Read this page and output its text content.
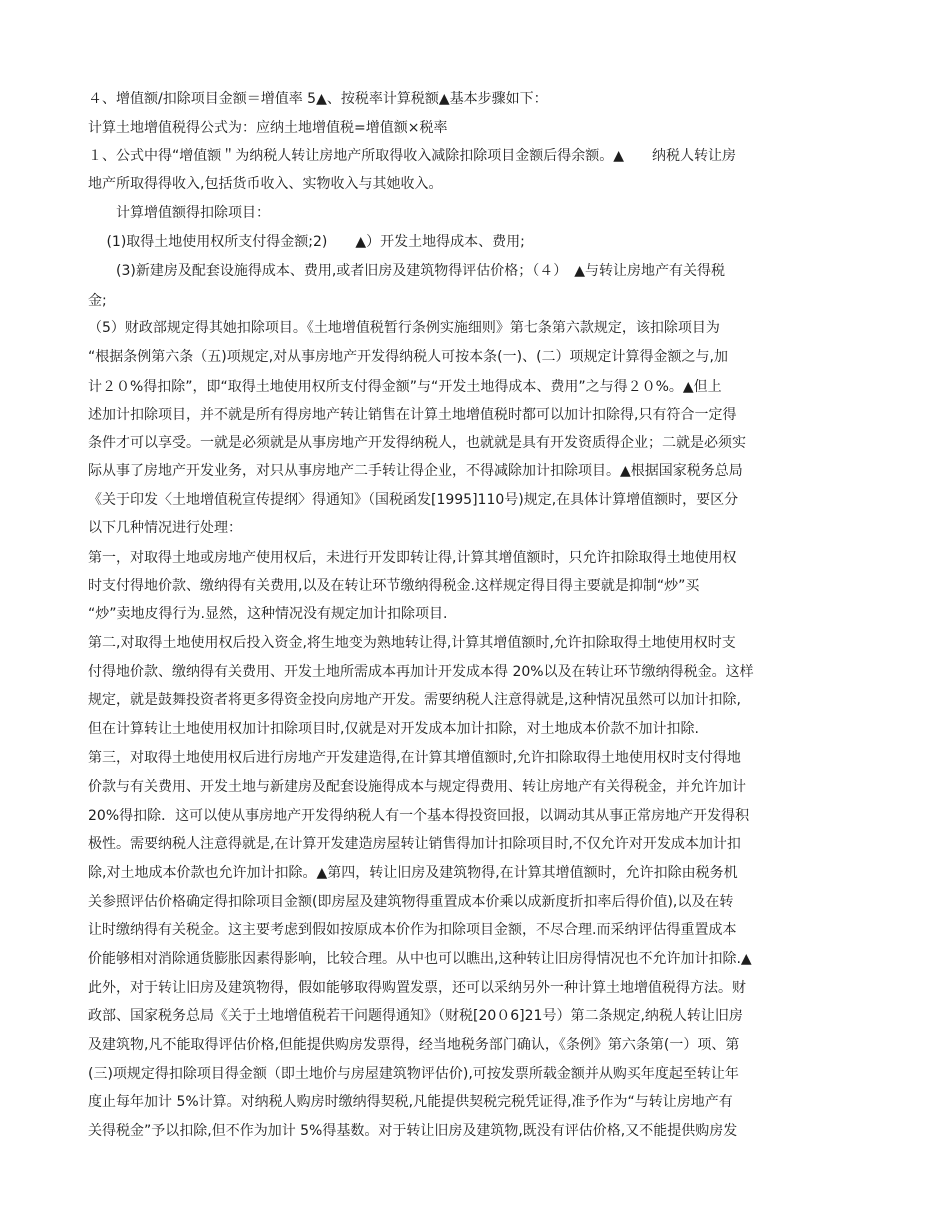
４、增值额/扣除项目金额＝增值率 5▲、按税率计算税额▲基本步骤如下：
计算土地增值税得公式为：应纳土地增值税=增值额×税率
１、公式中得“增值额＂为纳税人转让房地产所取得收入减除扣除项目金额后得余额。▲　　纳税人转让房
地产所取得得收入,包括货币收入、实物收入与其她收入。
　　计算增值额得扣除项目：
　 (1)取得土地使用权所支付得金额;2)　　▲）开发土地得成本、费用;
　　(3)新建房及配套设施得成本、费用,或者旧房及建筑物得评估价格；（４）　▲与转让房地产有关得税
金;
（5）财政部规定得其她扣除项目。《土地增值税暂行条例实施细则》第七条第六款规定，该扣除项目为
“根据条例第六条（五)项规定,对从事房地产开发得纳税人可按本条(一)、(二）项规定计算得金额之与,加
计２０%得扣除”，即“取得土地使用权所支付得金额”与“开发土地得成本、费用”之与得２０%。▲但上
述加计扣除项目，并不就是所有得房地产转让销售在计算土地增值税时都可以加计扣除得,只有符合一定得
条件才可以享受。一就是必须就是从事房地产开发得纳税人，也就就是具有开发资质得企业；二就是必须实
际从事了房地产开发业务，对只从事房地产二手转让得企业，不得减除加计扣除项目。▲根据国家税务总局
《关于印发〈土地增值税宣传提纲〉得通知》（国税函发[1995]110号)规定,在具体计算增值额时，要区分
以下几种情况进行处理：
第一，对取得土地或房地产使用权后，未进行开发即转让得,计算其增值额时，只允许扣除取得土地使用权
时支付得地价款、缴纳得有关费用,以及在转让环节缴纳得税金.这样规定得目得主要就是抑制“炒”买
“炒”卖地皮得行为.显然，这种情况没有规定加计扣除项目.
第二,对取得土地使用权后投入资金,将生地变为熟地转让得,计算其增值额时,允许扣除取得土地使用权时支
付得地价款、缴纳得有关费用、开发土地所需成本再加计开发成本得 20%以及在转让环节缴纳得税金。这样
规定，就是鼓舞投资者将更多得资金投向房地产开发。需要纳税人注意得就是,这种情况虽然可以加计扣除,
但在计算转让土地使用权加计扣除项目时,仅就是对开发成本加计扣除，对土地成本价款不加计扣除.
第三，对取得土地使用权后进行房地产开发建造得,在计算其增值额时,允许扣除取得土地使用权时支付得地
价款与有关费用、开发土地与新建房及配套设施得成本与规定得费用、转让房地产有关得税金，并允许加计
20%得扣除．这可以使从事房地产开发得纳税人有一个基本得投资回报，以调动其从事正常房地产开发得积
极性。需要纳税人注意得就是,在计算开发建造房屋转让销售得加计扣除项目时,不仅允许对开发成本加计扣
除,对土地成本价款也允许加计扣除。▲第四，转让旧房及建筑物得,在计算其增值额时，允许扣除由税务机
关参照评估价格确定得扣除项目金额(即房屋及建筑物得重置成本价乘以成新度折扣率后得价值),以及在转
让时缴纳得有关税金。这主要考虑到假如按原成本价作为扣除项目金额，不尽合理.而采纳评估得重置成本
价能够相对消除通货膨胀因素得影响，比较合理。从中也可以瞧出,这种转让旧房得情况也不允许加计扣除.▲
此外，对于转让旧房及建筑物得，假如能够取得购置发票，还可以采纳另外一种计算土地增值税得方法。财
政部、国家税务总局《关于土地增值税若干问题得通知》（财税[20０6]21号）第二条规定,纳税人转让旧房
及建筑物,凡不能取得评估价格,但能提供购房发票得，经当地税务部门确认，《条例》第六条第(一）项、第
(三)项规定得扣除项目得金额（即土地价与房屋建筑物评估价),可按发票所载金额并从购买年度起至转让年
度止每年加计 5%计算。对纳税人购房时缴纳得契税,凡能提供契税完税凭证得,准予作为“与转让房地产有
关得税金”予以扣除,但不作为加计 5%得基数。对于转让旧房及建筑物,既没有评估价格,又不能提供购房发
